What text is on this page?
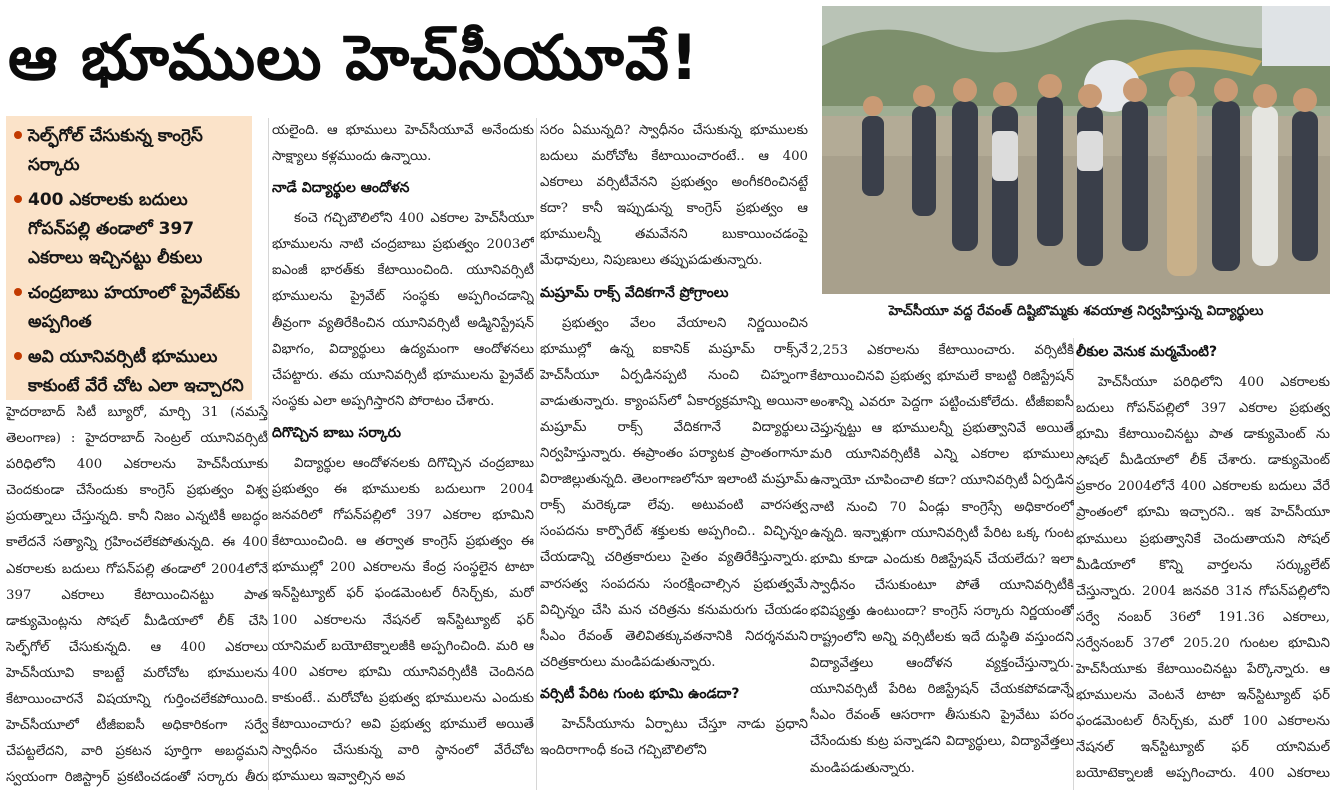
ఆ భూములు హెచ్‌సీయూవే!
సెల్ఫ్‌గోల్ చేసుకున్న కాంగ్రెస్ సర్కారు
400 ఎకరాలకు బదులు గోపన్‌పల్లి తండాలో 397 ఎకరాలు ఇచ్చినట్టు లీకులు
చంద్రబాబు హయాంలో ప్రైవేట్‌కు అప్పగింత
అవి యూనివర్సిటీ భూములు కాకుంటే వేరే చోట ఎలా ఇచ్చారని

హైదరాబాద్ సిటీ బ్యూరో, మార్చి 31 (నమస్తే తెలంగాణ) : హైదరాబాద్ సెంట్రల్ యూనివర్సిటీ పరిధిలోని 400 ఎకరాలను హెచ్‌సీయూకు చెందకుండా చేసేందుకు కాంగ్రెస్ ప్రభుత్వం విశ్వ ప్రయత్నాలు చేస్తున్నది. కానీ నిజం ఎన్నటికీ అబద్ధం కాలేదనే సత్యాన్ని గ్రహించలేకపోతున్నది. ఈ 400 ఎకరాలకు బదులు గోపన్‌పల్లి తండాలో 2004లోనే 397 ఎకరాలు కేటాయించినట్టు పాత డాక్యుమెంట్లను సోషల్ మీడియాలో లీక్ చేసి సెల్ఫ్‌గోల్ చేసుకున్నది. ఆ 400 ఎకరాలు హెచ్‌సీయూవి కాబట్టే మరోచోట భూములను కేటాయించారనే విషయాన్ని గుర్తించలేకపోయింది. హెచ్‌సీయూలో టీజీఐఐసీ అధికారికంగా సర్వే చేపట్టలేదని, వారి ప్రకటన పూర్తిగా అబద్ధమని స్వయంగా రిజిస్ట్రార్ ప్రకటించడంతో సర్కారు తీరు

యలైంది. ఆ భూములు హెచ్‌సీయూవే అనేందుకు సాక్ష్యాలు కళ్లముందు ఉన్నాయి.

నాడే విద్యార్థుల ఆందోళన

కంచె గచ్చిబౌలిలోని 400 ఎకరాల హెచ్‌సీయూ భూములను నాటి చంద్రబాబు ప్రభుత్వం 2003లో ఐఎంజీ భారత్‌కు కేటాయించింది. యూనివర్సిటీ భూములను ప్రైవేట్ సంస్థకు అప్పగించడాన్ని తీవ్రంగా వ్యతిరేకించిన యూనివర్సిటీ అడ్మినిస్ట్రేషన్ విభాగం, విద్యార్థులు ఉద్యమంగా ఆందోళనలు చేపట్టారు. తమ యూనివర్సిటీ భూములను ప్రైవేట్ సంస్థకు ఎలా అప్పగిస్తారని పోరాటం చేశారు.

దిగొచ్చిన బాబు సర్కారు

విద్యార్థుల ఆందోళనలకు దిగొచ్చిన చంద్రబాబు ప్రభుత్వం ఈ భూములకు బదులుగా 2004 జనవరిలో గోపన్‌పల్లిలో 397 ఎకరాల భూమిని కేటాయించింది. ఆ తర్వాత కాంగ్రెస్ ప్రభుత్వం ఈ భూముల్లో 200 ఎకరాలను కేంద్ర సంస్థలైన టాటా ఇన్‌స్టిట్యూట్ ఫర్ ఫండమెంటల్ రీసెర్చ్‌కు, మరో 100 ఎకరాలను నేషనల్ ఇన్‌స్టిట్యూట్ ఫర్ యానిమల్ బయోటెక్నాలజీకి అప్పగించింది. మరి ఆ 400 ఎకరాల భూమి యూనివర్సిటీకి చెందినది కాకుంటే.. మరోచోట ప్రభుత్వ భూములను ఎందుకు కేటాయించారు? అవి ప్రభుత్వ భూములే అయితే స్వాధీనం చేసుకున్న వారి స్థానంలో వేరేచోట భూములు ఇవ్వాల్సిన అవ

సరం ఏమున్నది? స్వాధీనం చేసుకున్న భూములకు బదులు మరోచోట కేటాయించారంటే.. ఆ 400 ఎకరాలు వర్సిటీవేనని ప్రభుత్వం అంగీకరించినట్టే కదా? కానీ ఇప్పుడున్న కాంగ్రెస్ ప్రభుత్వం ఆ భూములన్నీ తమవేనని బుకాయించడంపై మేధావులు, నిపుణులు తప్పుపడుతున్నారు.

మష్రూమ్ రాక్స్ వేదికగానే ప్రోగ్రాంలు

ప్రభుత్వం వేలం వేయాలని నిర్ణయించిన భూముల్లో ఉన్న ఐకానిక్ మష్రూమ్ రాక్స్‌నే హెచ్‌సీయూ ఏర్పడినప్పటి నుంచి చిహ్నంగా వాడుతున్నారు. క్యాంపస్‌లో ఏకార్యక్రమాన్ని అయినా మష్రూమ్ రాక్స్ వేదికగానే విద్యార్థులు నిర్వహిస్తున్నారు. ఈప్రాంతం పర్యాటక ప్రాంతంగానూ విరాజిల్లుతున్నది. తెలంగాణలోనూ ఇలాంటి మష్రూమ్ రాక్స్ మరెక్కడా లేవు. అటువంటి వారసత్వ సంపదను కార్పొరేట్ శక్తులకు అప్పగించి.. విచ్ఛిన్నం చేయడాన్ని చరిత్రకారులు సైతం వ్యతిరేకిస్తున్నారు. వారసత్వ సంపదను సంరక్షించాల్సిన ప్రభుత్వమే విచ్ఛిన్నం చేసి మన చరిత్రను కనుమరుగు చేయడం సీఎం రేవంత్ తెలివితక్కువతనానికి నిదర్శనమని చరిత్రకారులు మండిపడుతున్నారు.

వర్సిటీ పేరిట గుంట భూమి ఉండదా?

హెచ్‌సీయూను ఏర్పాటు చేస్తూ నాడు ప్రధాని ఇందిరాగాంధీ కంచె గచ్చిబౌలిలోని

హెచ్‌సీయూ వద్ద రేవంత్ దిష్టిబొమ్మకు శవయాత్ర నిర్వహిస్తున్న విద్యార్థులు

2,253 ఎకరాలను కేటాయించారు. వర్సిటీకి కేటాయించినవి ప్రభుత్వ భూమలే కాబట్టి రిజిస్ట్రేషన్ అంశాన్ని ఎవరూ పెద్దగా పట్టించుకోలేదు. టీజీఐఐసీ చెప్తున్నట్టు ఆ భూములన్నీ ప్రభుత్వానివే అయితే మరి యూనివర్సిటీకి ఎన్ని ఎకరాల భూములు ఉన్నాయో చూపించాలి కదా? యూనివర్సిటీ ఏర్పడిన నాటి నుంచి 70 ఏండ్లు కాంగ్రెస్సే అధికారంలో ఉన్నది. ఇన్నాళ్లుగా యూనివర్సిటీ పేరిట ఒక్క గుంట భూమి కూడా ఎందుకు రిజిస్ట్రేషన్ చేయలేదు? ఇలా స్వాధీనం చేసుకుంటూ పోతే యూనివర్సిటీకి భవిష్యత్తు ఉంటుందా? కాంగ్రెస్ సర్కారు నిర్ణయంతో రాష్ట్రంలోని అన్ని వర్సిటీలకు ఇదే దుస్థితి వస్తుందని విద్యావేత్తలు ఆందోళన వ్యక్తంచేస్తున్నారు. యూనివర్సిటీ పేరిట రిజిస్ట్రేషన్ చేయకపోవడాన్నే సీఎం రేవంత్ ఆసరాగా తీసుకుని ప్రైవేటు పరం చేసేందుకు కుట్ర పన్నాడని విద్యార్థులు, విద్యావేత్తలు మండిపడుతున్నారు.

లీకుల వెనుక మర్మమేంటి?

హెచ్‌సీయూ పరిధిలోని 400 ఎకరాలకు బదులు గోపన్‌పల్లిలో 397 ఎకరాల ప్రభుత్వ భూమి కేటాయించినట్టు పాత డాక్యుమెంట్ ను సోషల్ మీడియాలో లీక్ చేశారు. డాక్యుమెంట్ ప్రకారం 2004లోనే 400 ఎకరాలకు బదులు వేరే ప్రాంతంలో భూమి ఇచ్చారని.. ఇక హెచ్‌సీయూ భూములు ప్రభుత్వానికే చెందుతాయని సోషల్ మీడియాలో కొన్ని వార్తలను సర్క్యులేట్ చేస్తున్నారు. 2004 జనవరి 31న గోపన్‌పల్లిలోని సర్వే నంబర్ 36లో 191.36 ఎకరాలు, సర్వేనంబర్ 37లో 205.20 గుంటల భూమిని హెచ్‌సీయూకు కేటాయించినట్టు పేర్కొన్నారు. ఆ భూములను వెంటనే టాటా ఇన్‌స్టిట్యూట్ ఫర్ ఫండమెంటల్ రీసెర్చ్‌కు, మరో 100 ఎకరాలను నేషనల్ ఇన్‌స్టిట్యూట్ ఫర్ యానిమల్ బయోటెక్నాలజీ అప్పగించారు. 400 ఎకరాలు
